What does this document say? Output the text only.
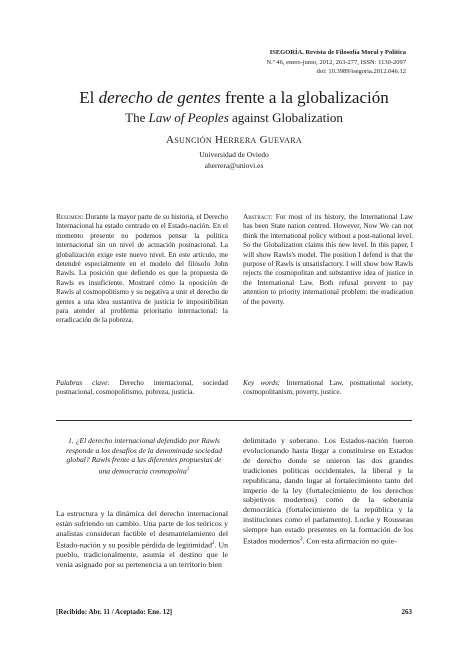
ISEGORÍA. Revista de Filosofía Moral y Política
N.º 46, enero-junio, 2012, 263-277, ISSN: 1130-2097
doi: 10.3989/isegoria.2012.046.12
El derecho de gentes frente a la globalización
The Law of Peoples against Globalization
Asunción Herrera Guevara
Universidad de Oviedo
aherrera@uniovi.es

Resumen: Durante la mayor parte de su historia, el Derecho Internacional ha estado centrado en el Estado-nación. En el momento presente no podemos pensar la política internacional sin un nivel de actuación postnacional. La globalización exige este nuevo nivel. En este artículo, me detendré especialmente en el modelo del filósofo John Rawls. La posición que defiendo es que la propuesta de Rawls es insuficiente. Mostraré cómo la oposición de Rawls al cosmopolitismo y su negativa a unir el derecho de gentes a una idea sustantiva de justicia le impositibilitan para atender al problema prioritario internacional: la erradicación de la pobreza.

Abstract: For most of its history, the International Law has been State nation centred. However, Now We can not think the international policy without a post-national level. So the Globalization claims this new level. In this paper, I will show Rawls's model. The position I defend is that the purpose of Rawls is unsatisfactory. I will show how Rawls rejects the cosmopolitan and substantive idea of justice in the International Law. Both refusal prevent to pay attention to priority international problem: the eradication of the poverty.

Palabras clave: Derecho internacional, sociedad postnacional, cosmopolitismo, pobreza, justicia.

Key words: International Law, postnational society, cosmopolitanism, poverty, justice.

1. ¿El derecho internacional defendido por Rawls responde a los desafíos de la denominada sociedad global? Rawls frente a las diferentes propuestas de una democracia cosmopolita$^1$

La estructura y la dinámica del derecho internacional están sufriendo un cambio. Una parte de los teóricos y analistas consideran factible el desmantelamiento del Estado-nación y su posible pérdida de legitimidad$^2$. Un pueblo, tradicionalmente, asumía el destino que le venía asignado por su pertenencia a un territorio bien

delimitado y soberano. Los Estados-nación fueron evolucionando hasta llegar a constituirse en Estados de derecho donde se unieron las dos grandes tradiciones políticas occidentales, la liberal y la republicana, dando lugar al fortalecimiento tanto del imperio de la ley (fortalecimiento de los derechos subjetivos modernos) como de la soberanía democrática (fortalecimiento de la república y la instituciones como el parlamento). Locke y Rousseau siempre han estado presentes en la formación de los Estados modernos$^3$. Con esta afirmación no quie-

[Recibido: Abr. 11 / Aceptado: Ene. 12]	263
